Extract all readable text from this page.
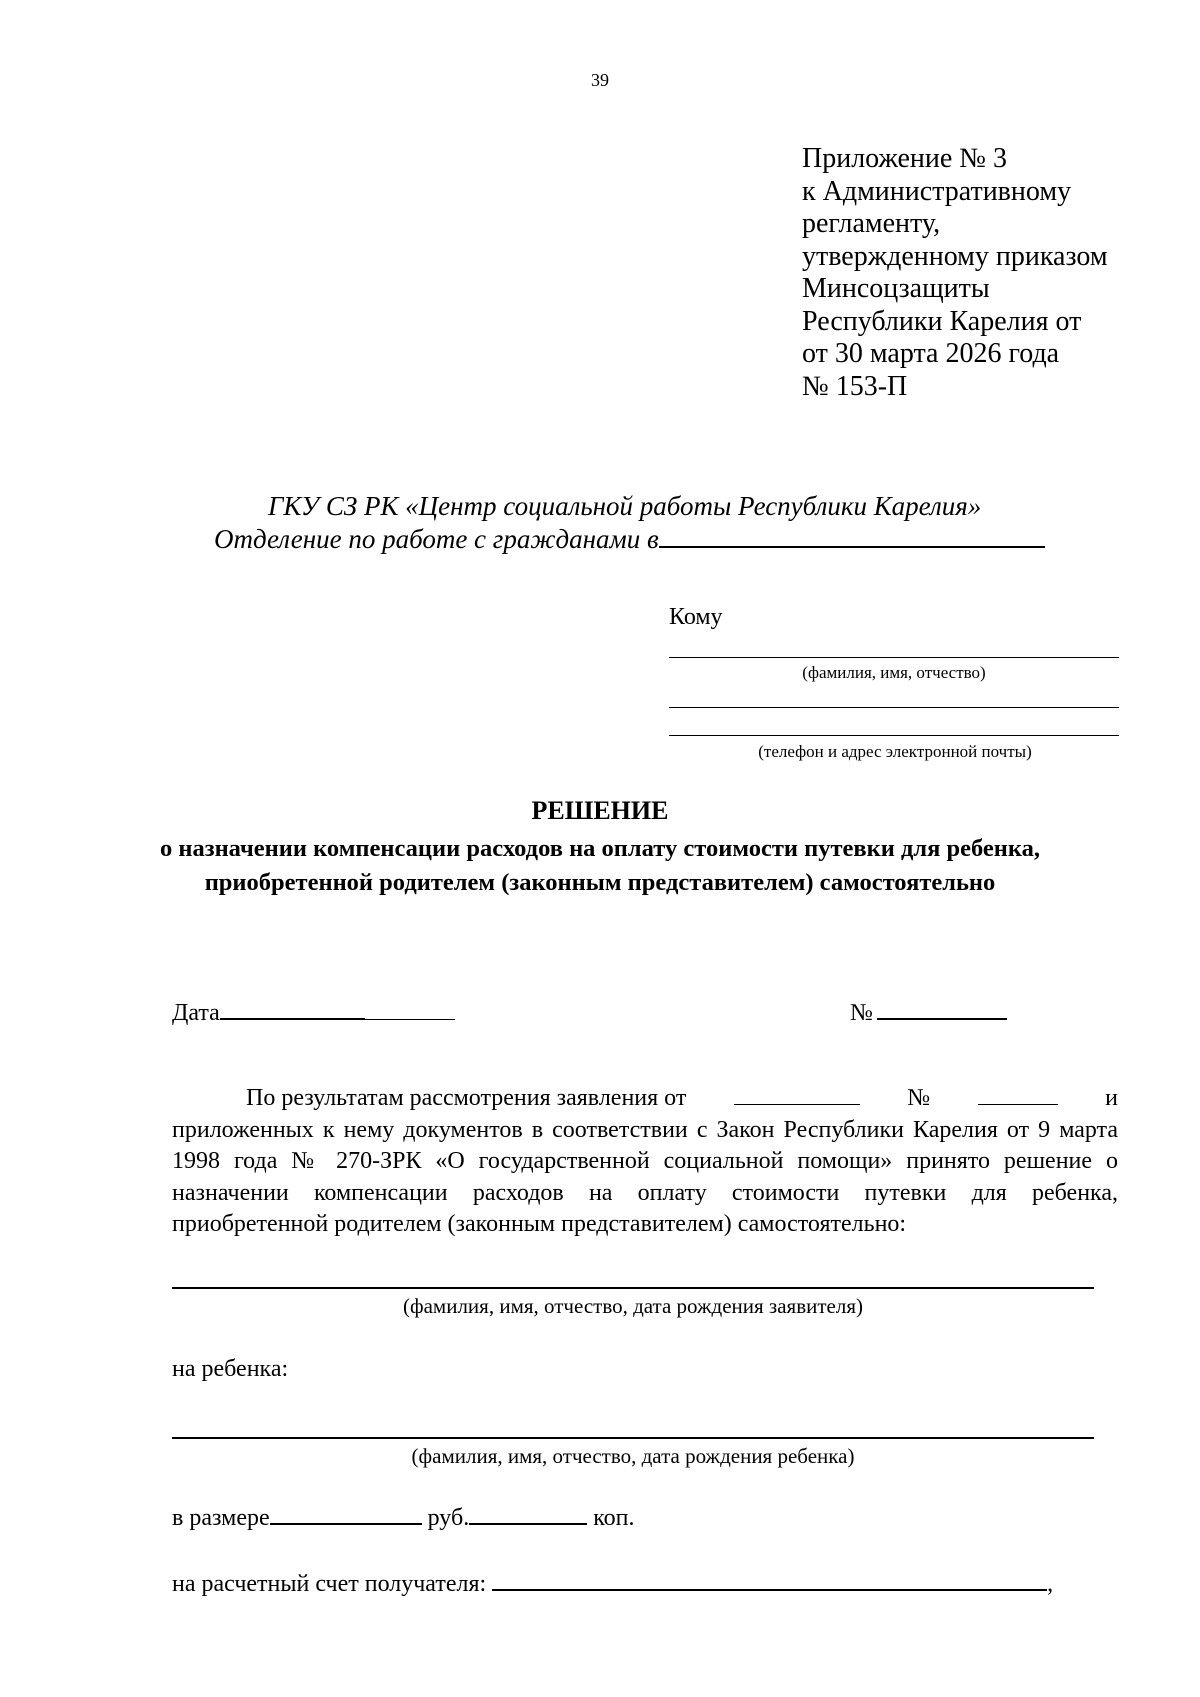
39
Приложение № 3
к Административному
регламенту,
утвержденному приказом
Минсоцзащиты
Республики Карелия от
от 30 марта 2026 года
№ 153-П
ГКУ СЗ РК «Центр социальной работы Республики Карелия»
Отделение по работе с гражданами в
Кому
(фамилия, имя, отчество)
(телефон и адрес электронной почты)
РЕШЕНИЕ
о назначении компенсации расходов на оплату стоимости путевки для ребенка, приобретенной родителем (законным представителем) самостоятельно
Дата	№
По результатам рассмотрения заявления от	№	и
приложенных к нему документов в соответствии с Закон Республики Карелия от 9 марта 1998 года № 270-ЗРК «О государственной социальной помощи» принято решение о назначении компенсации расходов на оплату стоимости путевки для ребенка, приобретенной родителем (законным представителем) самостоятельно:
(фамилия, имя, отчество, дата рождения заявителя)
на ребенка:
(фамилия, имя, отчество, дата рождения ребенка)
в размере	руб.	коп.
на расчетный счет получателя:	,
